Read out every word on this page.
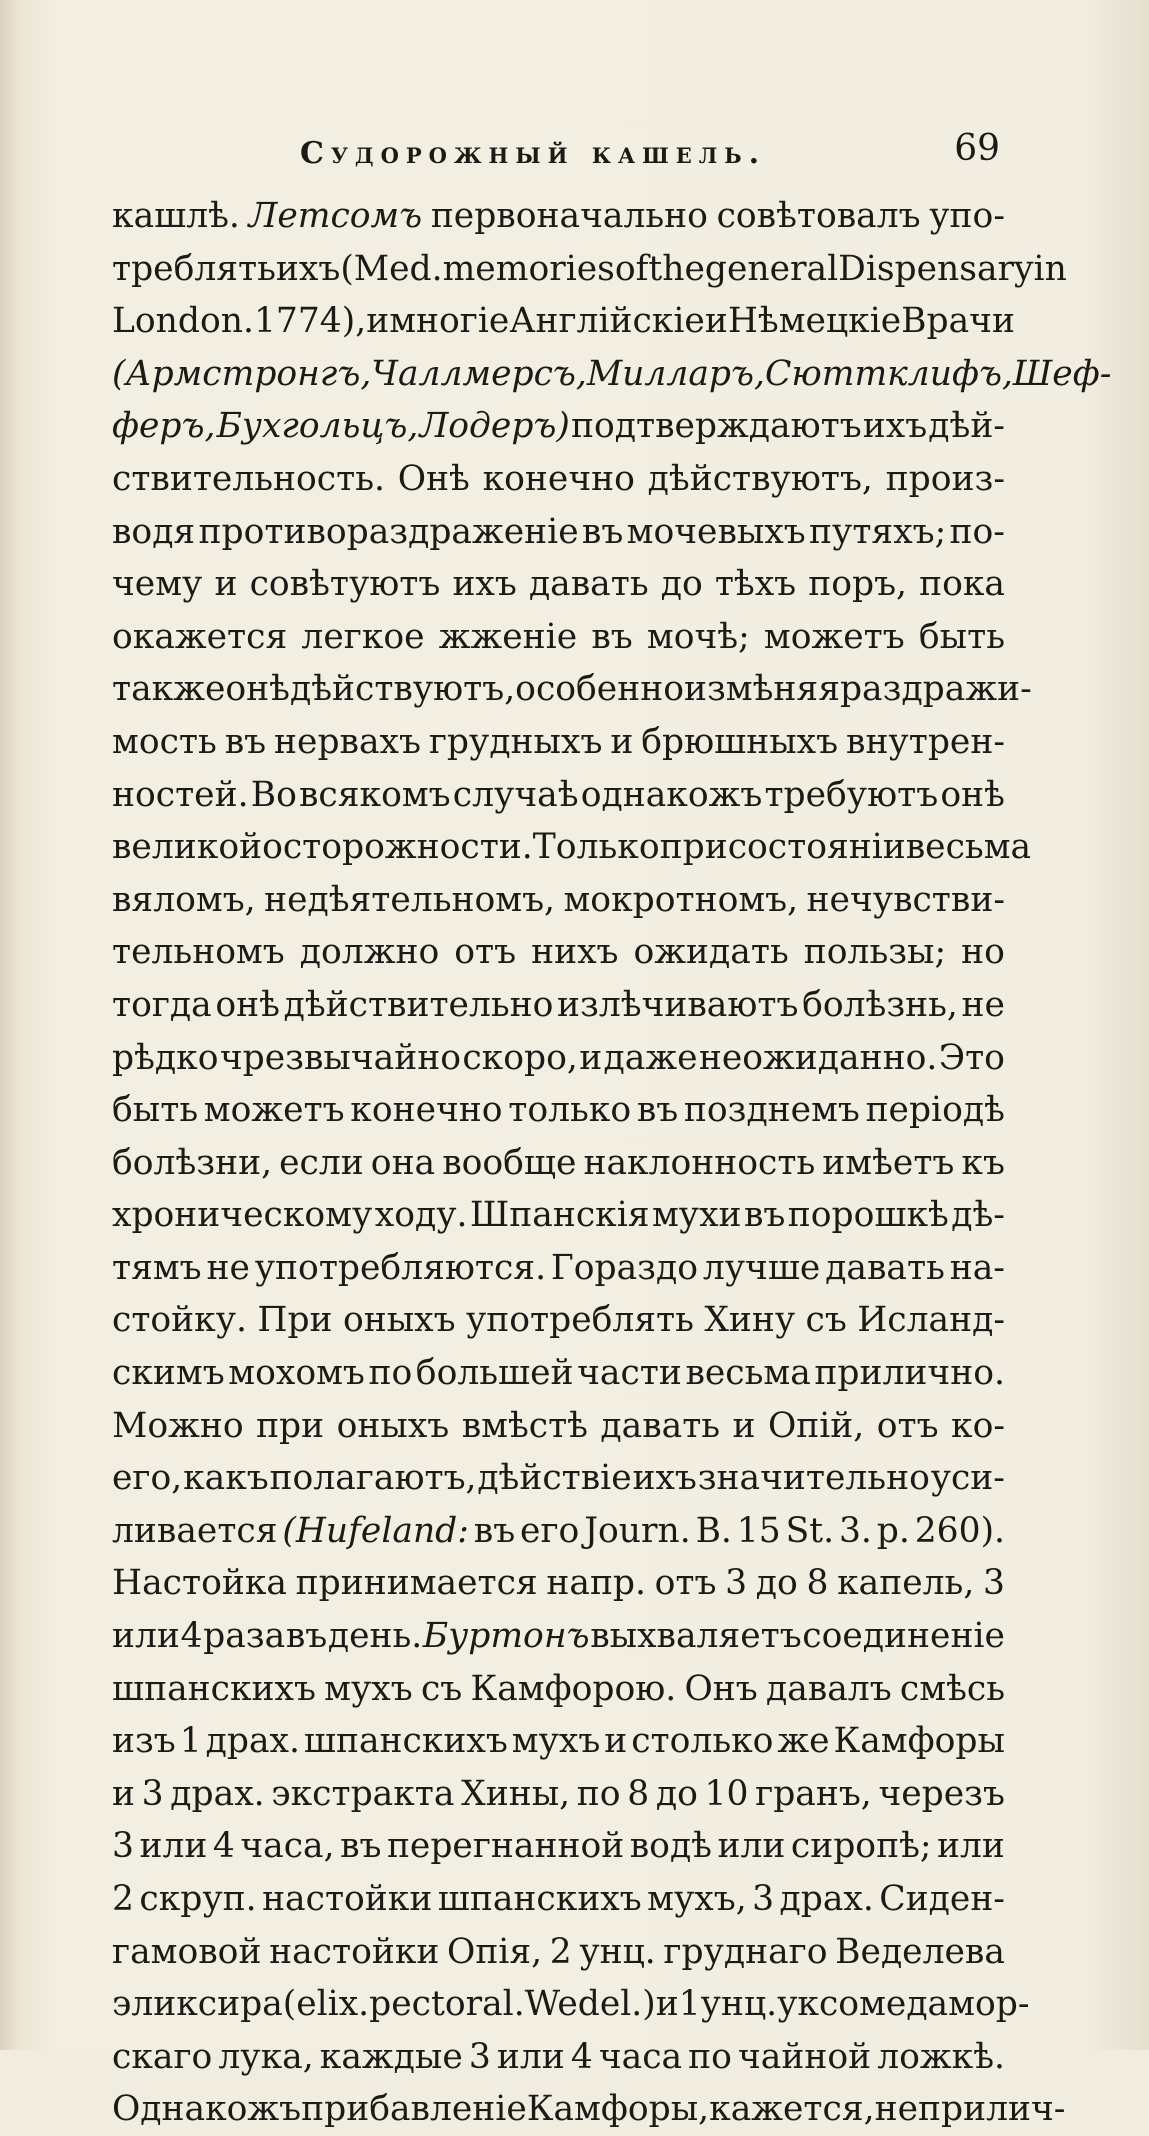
Судорожный кашель.	69
кашлѣ. Летсомъ первоначально совѣтовалъ упо-
треблять ихъ (Med. memories of the general Dispensary in
London. 1774), и многіе Англійскіе и Нѣмецкіе Врачи
(Армстронгъ, Чаллмерсъ, Милларъ, Сюттклифъ, Шеф-
феръ, Бухгольцъ, Лодеръ) подтверждаютъ ихъ дѣй-
ствительность. Онѣ конечно дѣйствуютъ, произ-
водя противораздраженіе въ мочевыхъ путяхъ; по-
чему и совѣтуютъ ихъ давать до тѣхъ поръ, пока
окажется легкое жженіе въ мочѣ; можетъ быть
также онѣ дѣйствуютъ, особенно измѣняя раздражи-
мость въ нервахъ грудныхъ и брюшныхъ внутрен-
ностей. Во всякомъ случаѣ однакожъ требуютъ онѣ
великой осторожности. Только при состояніи весьма
вяломъ, недѣятельномъ, мокротномъ, нечувстви-
тельномъ должно отъ нихъ ожидать пользы; но
тогда онѣ дѣйствительно излѣчиваютъ болѣзнь, не
рѣдко чрезвычайно скоро, и даже неожиданно. Это
быть можетъ конечно только въ позднемъ періодѣ
болѣзни, если она вообще наклонность имѣетъ къ
хроническому ходу. Шпанскія мухи въ порошкѣ дѣ-
тямъ не употребляются. Гораздо лучше давать на-
стойку. При оныхъ употреблять Хину съ Исланд-
скимъ мохомъ по большей части весьма прилично.
Можно при оныхъ вмѣстѣ давать и Опій, отъ ко-
его, какъ полагаютъ, дѣйствіе ихъ значительно уси-
ливается (Hufeland: въ его Journ. B. 15 St. 3. p. 260).
Настойка принимается напр. отъ 3 до 8 капель, 3
или 4 раза въ день. Буртонъ выхваляетъ соединеніе
шпанскихъ мухъ съ Камфорою. Онъ давалъ смѣсь
изъ 1 драх. шпанскихъ мухъ и столько же Камфоры
и 3 драх. экстракта Хины, по 8 до 10 гранъ, черезъ
3 или 4 часа, въ перегнанной водѣ или сиропѣ; или
2 скруп. настойки шпанскихъ мухъ, 3 драх. Сиден-
гамовой настойки Опія, 2 унц. груднаго Веделева
эликсира (elix. pectoral. Wedel.) и 1 унц. уксомеда мор-
скаго лука, каждые 3 или 4 часа по чайной ложкѣ.
Однакожъ прибавленіе Камфоры, кажется, не прилич-
